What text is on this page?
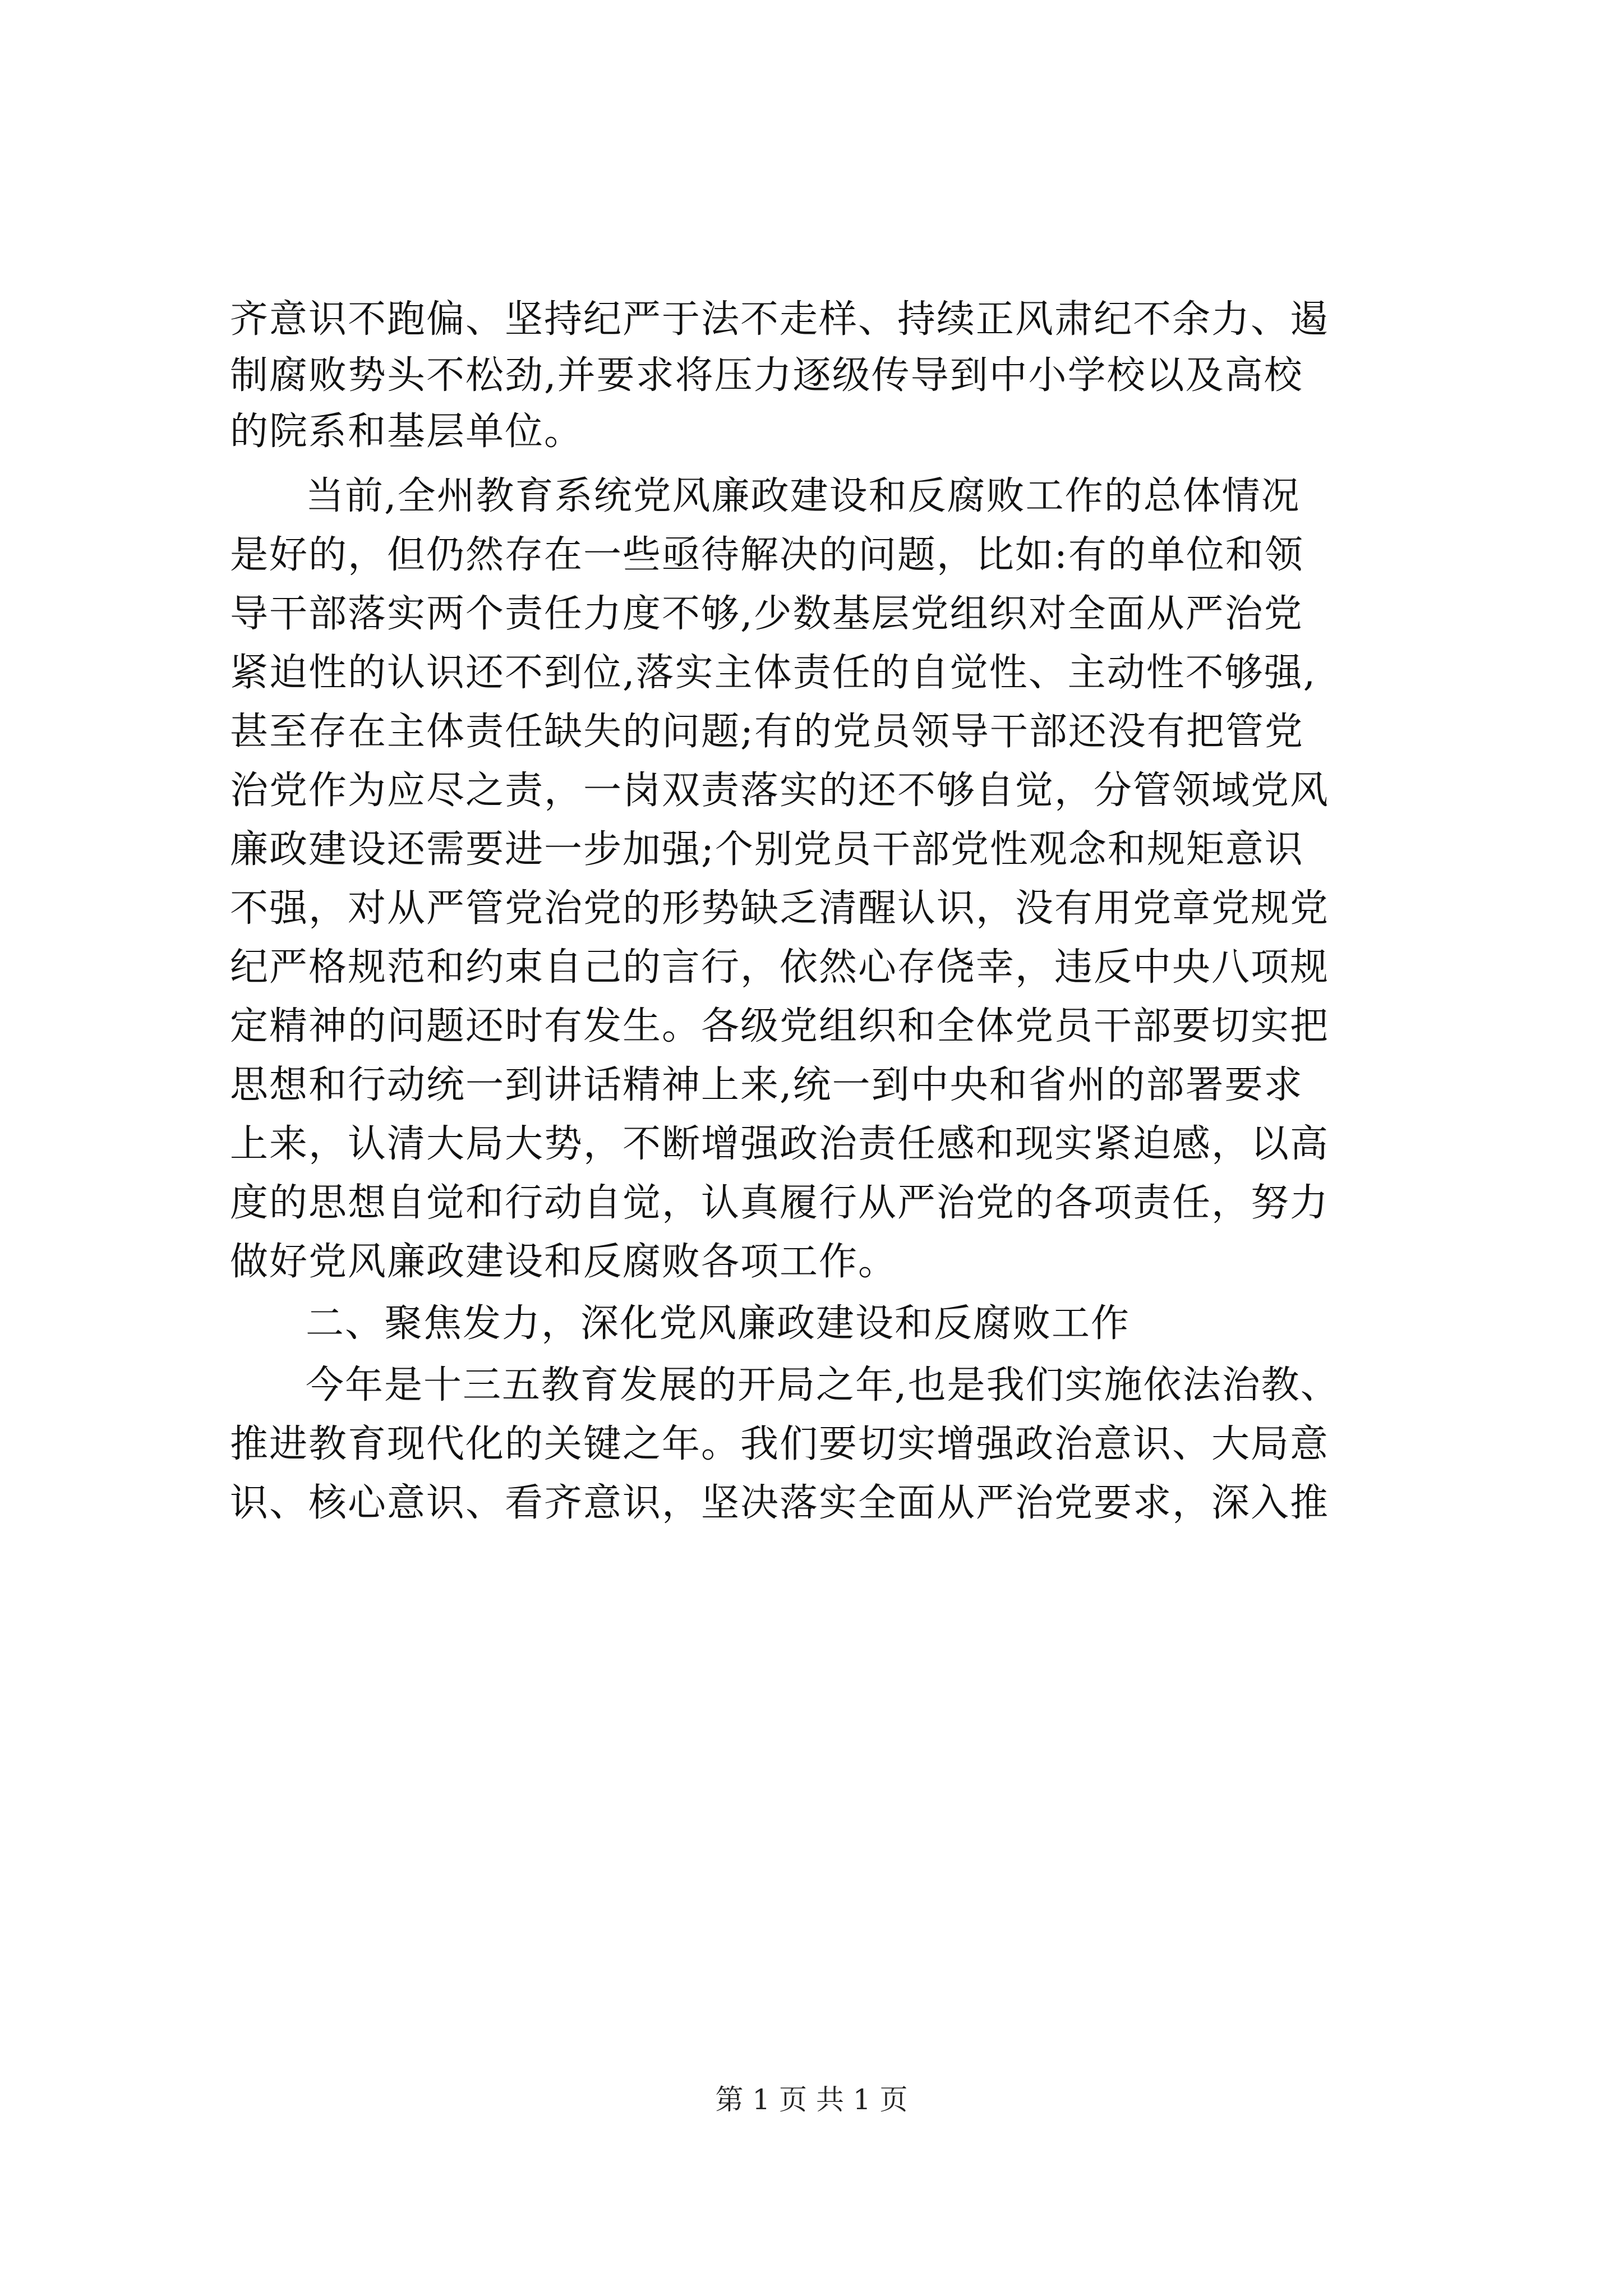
齐意识不跑偏、坚持纪严于法不走样、持续正风肃纪不余力、遏
制腐败势头不松劲,并要求将压力逐级传导到中小学校以及高校
的院系和基层单位。
当前,全州教育系统党风廉政建设和反腐败工作的总体情况
是好的，但仍然存在一些亟待解决的问题，比如:有的单位和领
导干部落实两个责任力度不够,少数基层党组织对全面从严治党
紧迫性的认识还不到位,落实主体责任的自觉性、主动性不够强,
甚至存在主体责任缺失的问题;有的党员领导干部还没有把管党
治党作为应尽之责，一岗双责落实的还不够自觉，分管领域党风
廉政建设还需要进一步加强;个别党员干部党性观念和规矩意识
不强，对从严管党治党的形势缺乏清醒认识，没有用党章党规党
纪严格规范和约束自己的言行，依然心存侥幸，违反中央八项规
定精神的问题还时有发生。各级党组织和全体党员干部要切实把
思想和行动统一到讲话精神上来,统一到中央和省州的部署要求
上来，认清大局大势，不断增强政治责任感和现实紧迫感，以高
度的思想自觉和行动自觉，认真履行从严治党的各项责任，努力
做好党风廉政建设和反腐败各项工作。
二、聚焦发力，深化党风廉政建设和反腐败工作
今年是十三五教育发展的开局之年,也是我们实施依法治教、
推进教育现代化的关键之年。我们要切实增强政治意识、大局意
识、核心意识、看齐意识，坚决落实全面从严治党要求，深入推
第 1 页 共 1 页
